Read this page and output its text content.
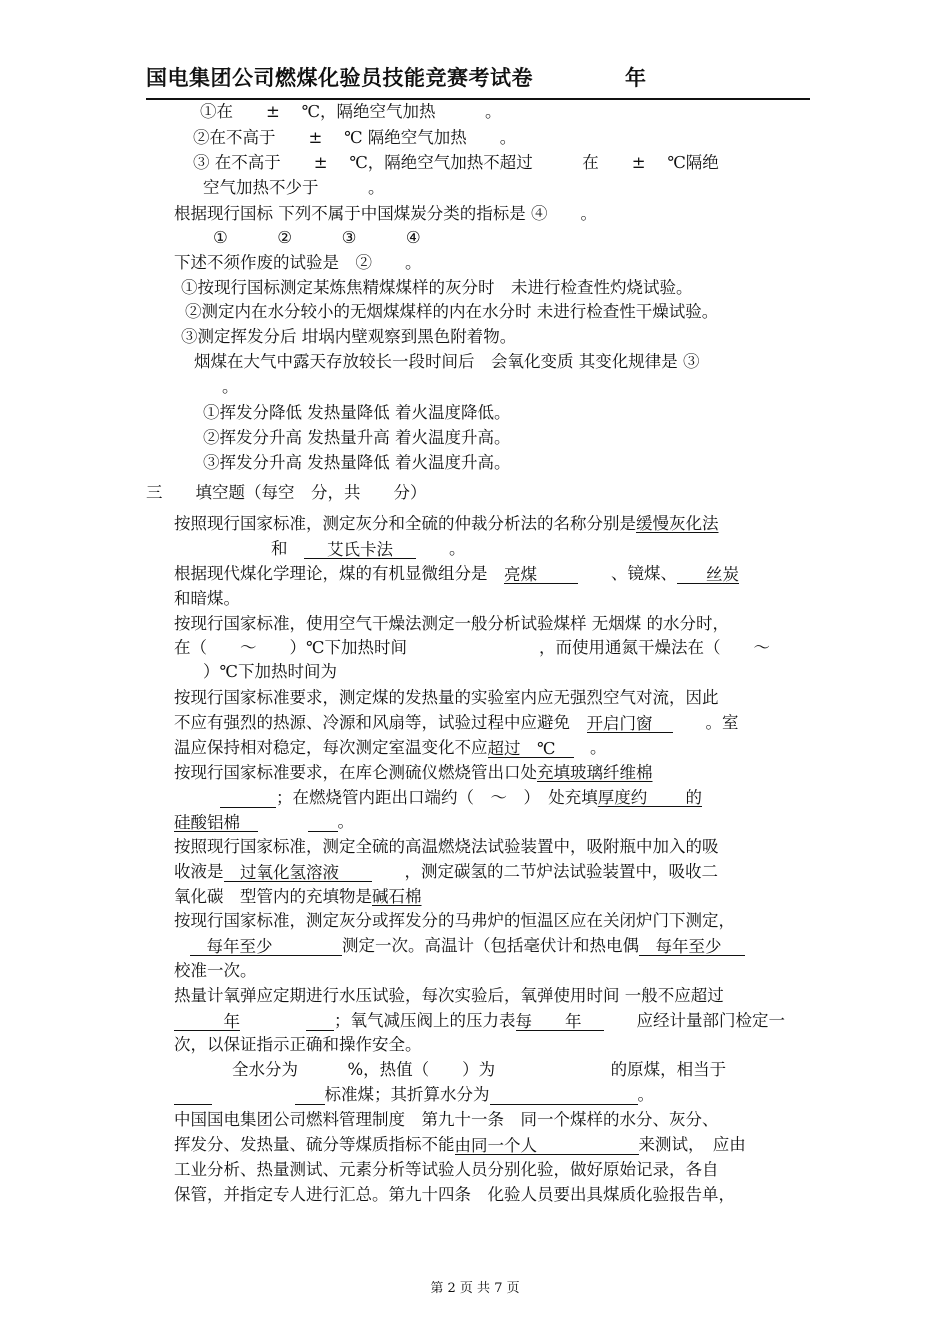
国电集团公司燃煤化验员技能竞赛考试卷	年
①在　　±　 ℃，隔绝空气加热　　　。
②在不高于　　±　 ℃ 隔绝空气加热　　。
③ 在不高于　　±　 ℃，隔绝空气加热不超过　　　在　　±　 ℃隔绝
空气加热不少于　　　。
根据现行国标 下列不属于中国煤炭分类的指标是 ④　　。
①　　　②　　　③　　　④
下述不须作废的试验是　②　　。
①按现行国标测定某炼焦精煤煤样的灰分时　未进行检查性灼烧试验。
②测定内在水分较小的无烟煤煤样的内在水分时 未进行检查性干燥试验。
③测定挥发分后 坩埚内壁观察到黑色附着物。
烟煤在大气中露天存放较长一段时间后　会氧化变质 其变化规律是 ③
。
①挥发分降低 发热量降低 着火温度降低。
②挥发分升高 发热量升高 着火温度升高。
③挥发分升高 发热量降低 着火温度升高。
三　　填空题（每空　分，共　　分）
按照现行国家标准，测定灰分和全硫的仲裁分析法的名称分别是缓慢灰化法
和　 艾氏卡法　　	。
根据现代煤化学理论，煤的有机显微组分是　 亮煤　　	、镜煤、 丝炭
和暗煤。
按现行国家标准，使用空气干燥法测定一般分析试验煤样 无烟煤 的水分时，
在（　　～　　）℃下加热时间　　　　　　　　，而使用通氮干燥法在（　　～
）℃下加热时间为
按现行国家标准要求，测定煤的发热量的实验室内应无强烈空气对流，因此
不应有强烈的热源、冷源和风扇等，试验过程中应避免　 开启门窗　　	。室
温应保持相对稳定，每次测定室温变化不应超过　℃　 。
按现行国家标准要求，在库仑测硫仪燃烧管出口处充填玻璃纤维棉
；在燃烧管内距出口端约（　～　）　处充填厚度约　　 的
硅酸铝棉　　　	。
按照现行国家标准，测定全硫的高温燃烧法试验装置中，吸附瓶中加入的吸
收液是　 过氧化氢溶液　　	，测定碳氢的二节炉法试验装置中，吸收二
氧化碳　型管内的充填物是碱石棉
按现行国家标准，测定灰分或挥发分的马弗炉的恒温区应在关闭炉门下测定，
　每年至少	测定一次。高温计（包括毫伏计和热电偶　 每年至少
校准一次。
热量计氧弹应定期进行水压试验，每次实验后，氧弹使用时间 一般不应超过
年　　　　	；氧气减压阀上的压力表每　　年　　	应经计量部门检定一
次，以保证指示正确和操作安全。
全水分为　　　%，热值（　　）为　　　　　　　的原煤，相当于
　　　　　标准煤；其折算水分为	。
中国国电集团公司燃料管理制度　第九十一条　同一个煤样的水分、灰分、
挥发分、发热量、硫分等煤质指标不能由同一个人	来测试，　应由
工业分析、热量测试、元素分析等试验人员分别化验，做好原始记录，各自
保管，并指定专人进行汇总。第九十四条　化验人员要出具煤质化验报告单，
第 2 页 共 7 页
